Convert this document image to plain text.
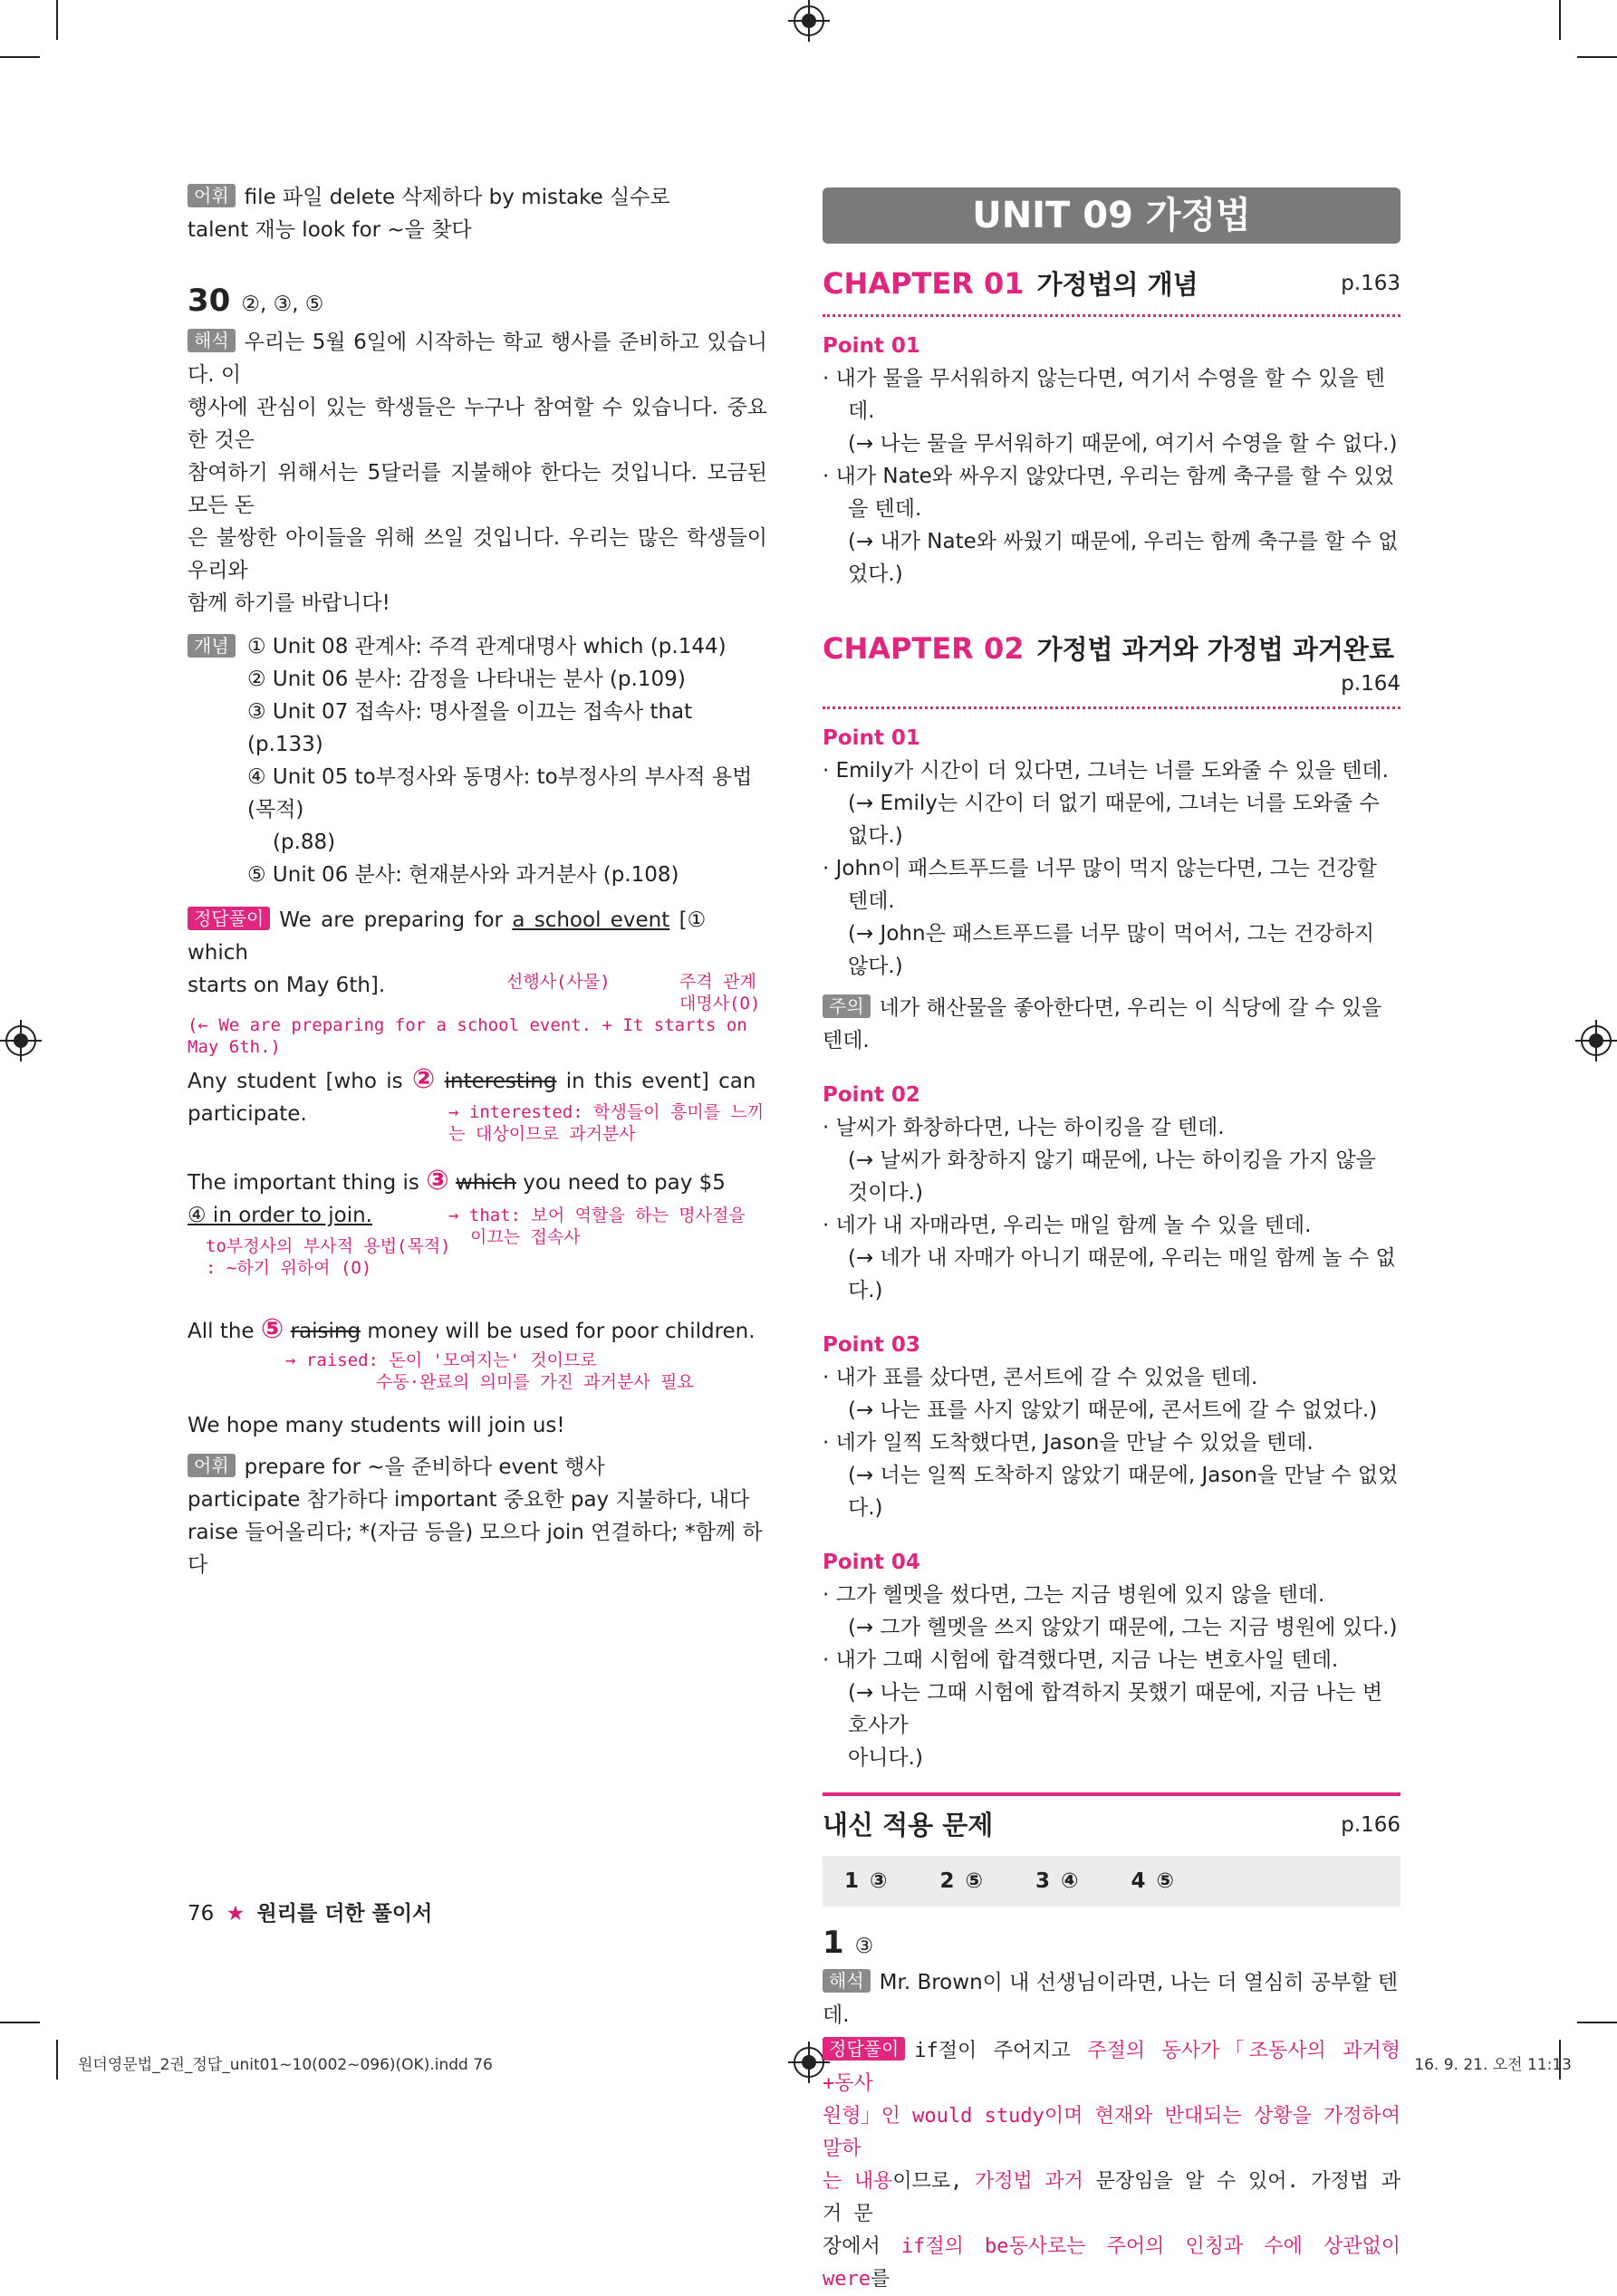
어휘 file 파일 delete 삭제하다 by mistake 실수로

talent 재능 look for ~을 찾다

30 ②, ③, ⑤

해석 우리는 5월 6일에 시작하는 학교 행사를 준비하고 있습니다. 이

행사에 관심이 있는 학생들은 누구나 참여할 수 있습니다. 중요한 것은

참여하기 위해서는 5달러를 지불해야 한다는 것입니다. 모금된 모든 돈

은 불쌍한 아이들을 위해 쓰일 것입니다. 우리는 많은 학생들이 우리와

함께 하기를 바랍니다!

개념 ① Unit 08 관계사: 주격 관계대명사 which (p.144)

② Unit 06 분사: 감정을 나타내는 분사 (p.109)

③ Unit 07 접속사: 명사절을 이끄는 접속사 that (p.133)

④ Unit 05 to부정사와 동명사: to부정사의 부사적 용법(목적)

(p.88)

⑤ Unit 06 분사: 현재분사와 과거분사 (p.108)

정답풀이 We are preparing for a school event [① which

starts on May 6th].	선행사(사물)	주격 관계
대명사(O)

(← We are preparing for a school event. + It starts on May 6th.)

Any student [who is ② interesting in this event] can

participate.	→ interested: 학생들이 흥미를 느끼는 대상이므로 과거분사

The important thing is ③ which you need to pay $5

④ in order to join.	→ that: 보어 역할을 하는 명사절을
이끄는 접속사
to부정사의 부사적 용법(목적)
: ~하기 위하여 (O)

All the ⑤ raising money will be used for poor children.

→ raised: 돈이 '모여지는' 것이므로
수동·완료의 의미를 가진 과거분사 필요

We hope many students will join us!

어휘 prepare for ~을 준비하다 event 행사

participate 참가하다 important 중요한 pay 지불하다, 내다

raise 들어올리다; *(자금 등을) 모으다 join 연결하다; *함께 하다

UNIT 09 가정법
CHAPTER 01 가정법의 개념	p.163

Point 01

· 내가 물을 무서워하지 않는다면, 여기서 수영을 할 수 있을 텐데.

(→ 나는 물을 무서워하기 때문에, 여기서 수영을 할 수 없다.)

· 내가 Nate와 싸우지 않았다면, 우리는 함께 축구를 할 수 있었을 텐데.

(→ 내가 Nate와 싸웠기 때문에, 우리는 함께 축구를 할 수 없었다.)

CHAPTER 02 가정법 과거와 가정법 과거완료
p.164

Point 01

· Emily가 시간이 더 있다면, 그녀는 너를 도와줄 수 있을 텐데.

(→ Emily는 시간이 더 없기 때문에, 그녀는 너를 도와줄 수 없다.)

· John이 패스트푸드를 너무 많이 먹지 않는다면, 그는 건강할 텐데.

(→ John은 패스트푸드를 너무 많이 먹어서, 그는 건강하지 않다.)

주의 네가 해산물을 좋아한다면, 우리는 이 식당에 갈 수 있을 텐데.

Point 02

· 날씨가 화창하다면, 나는 하이킹을 갈 텐데.

(→ 날씨가 화창하지 않기 때문에, 나는 하이킹을 가지 않을 것이다.)

· 네가 내 자매라면, 우리는 매일 함께 놀 수 있을 텐데.

(→ 네가 내 자매가 아니기 때문에, 우리는 매일 함께 놀 수 없다.)

Point 03

· 내가 표를 샀다면, 콘서트에 갈 수 있었을 텐데.

(→ 나는 표를 사지 않았기 때문에, 콘서트에 갈 수 없었다.)

· 네가 일찍 도착했다면, Jason을 만날 수 있었을 텐데.

(→ 너는 일찍 도착하지 않았기 때문에, Jason을 만날 수 없었다.)

Point 04

· 그가 헬멧을 썼다면, 그는 지금 병원에 있지 않을 텐데.

(→ 그가 헬멧을 쓰지 않았기 때문에, 그는 지금 병원에 있다.)

· 내가 그때 시험에 합격했다면, 지금 나는 변호사일 텐데.

(→ 나는 그때 시험에 합격하지 못했기 때문에, 지금 나는 변호사가

아니다.)

내신 적용 문제	p.166
1 ③	2 ⑤	3 ④	4 ⑤

1 ③

해석 Mr. Brown이 내 선생님이라면, 나는 더 열심히 공부할 텐데.

정답풀이 if절이 주어지고 주절의 동사가「조동사의 과거형+동사

원형」인 would study이며 현재와 반대되는 상황을 가정하여 말하

는 내용이므로, 가정법 과거 문장임을 알 수 있어. 가정법 과거 문

장에서 if절의 be동사로는 주어의 인칭과 수에 상관없이 were를

76 ★ 원리를 더한 풀이서
원더영문법_2권_정답_unit01~10(002~096)(OK).indd 76	16. 9. 21. 오전 11:13
